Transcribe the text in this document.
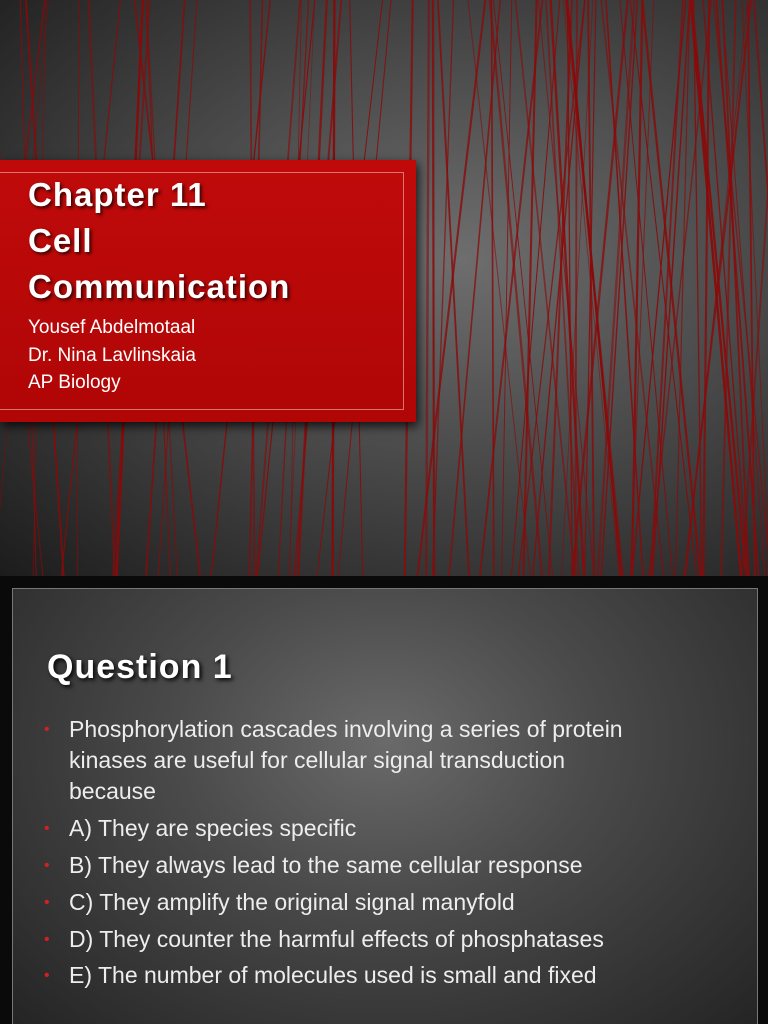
Chapter 11
Cell
Communication
Yousef Abdelmotaal
Dr. Nina Lavlinskaia
AP Biology
Question 1
• Phosphorylation cascades involving a series of protein
kinases are useful for cellular signal transduction
because
• A) They are species specific
• B) They always lead to the same cellular response
• C) They amplify the original signal manyfold
• D) They counter the harmful effects of phosphatases
• E) The number of molecules used is small and fixed
